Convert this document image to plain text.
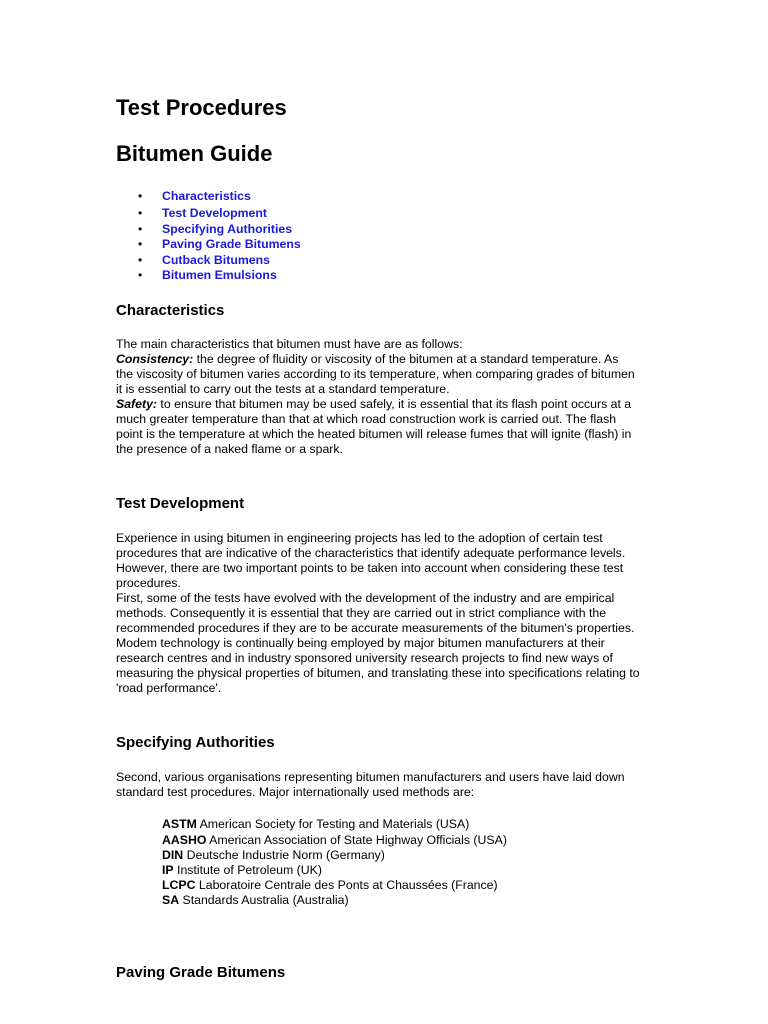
Test Procedures
Bitumen Guide
• Characteristics
• Test Development
• Specifying Authorities
• Paving Grade Bitumens
• Cutback Bitumens
• Bitumen Emulsions
Characteristics

The main characteristics that bitumen must have are as follows:

Consistency: the degree of fluidity or viscosity of the bitumen at a standard temperature. As the viscosity of bitumen varies according to its temperature, when comparing grades of bitumen it is essential to carry out the tests at a standard temperature.

Safety: to ensure that bitumen may be used safely, it is essential that its flash point occurs at a much greater temperature than that at which road construction work is carried out. The flash point is the temperature at which the heated bitumen will release fumes that will ignite (flash) in the presence of a naked flame or a spark.

Test Development

Experience in using bitumen in engineering projects has led to the adoption of certain test procedures that are indicative of the characteristics that identify adequate performance levels. However, there are two important points to be taken into account when considering these test procedures.

First, some of the tests have evolved with the development of the industry and are empirical methods. Consequently it is essential that they are carried out in strict compliance with the recommended procedures if they are to be accurate measurements of the bitumen's properties. Modem technology is continually being employed by major bitumen manufacturers at their research centres and in industry sponsored university research projects to find new ways of measuring the physical properties of bitumen, and translating these into specifications relating to 'road performance'.

Specifying Authorities

Second, various organisations representing bitumen manufacturers and users have laid down standard test procedures. Major internationally used methods are:

ASTM American Society for Testing and Materials (USA)
AASHO American Association of State Highway Officials (USA)
DIN Deutsche Industrie Norm (Germany)
IP Institute of Petroleum (UK)
LCPC Laboratoire Centrale des Ponts at Chaussées (France)
SA Standards Australia (Australia)
Paving Grade Bitumens
